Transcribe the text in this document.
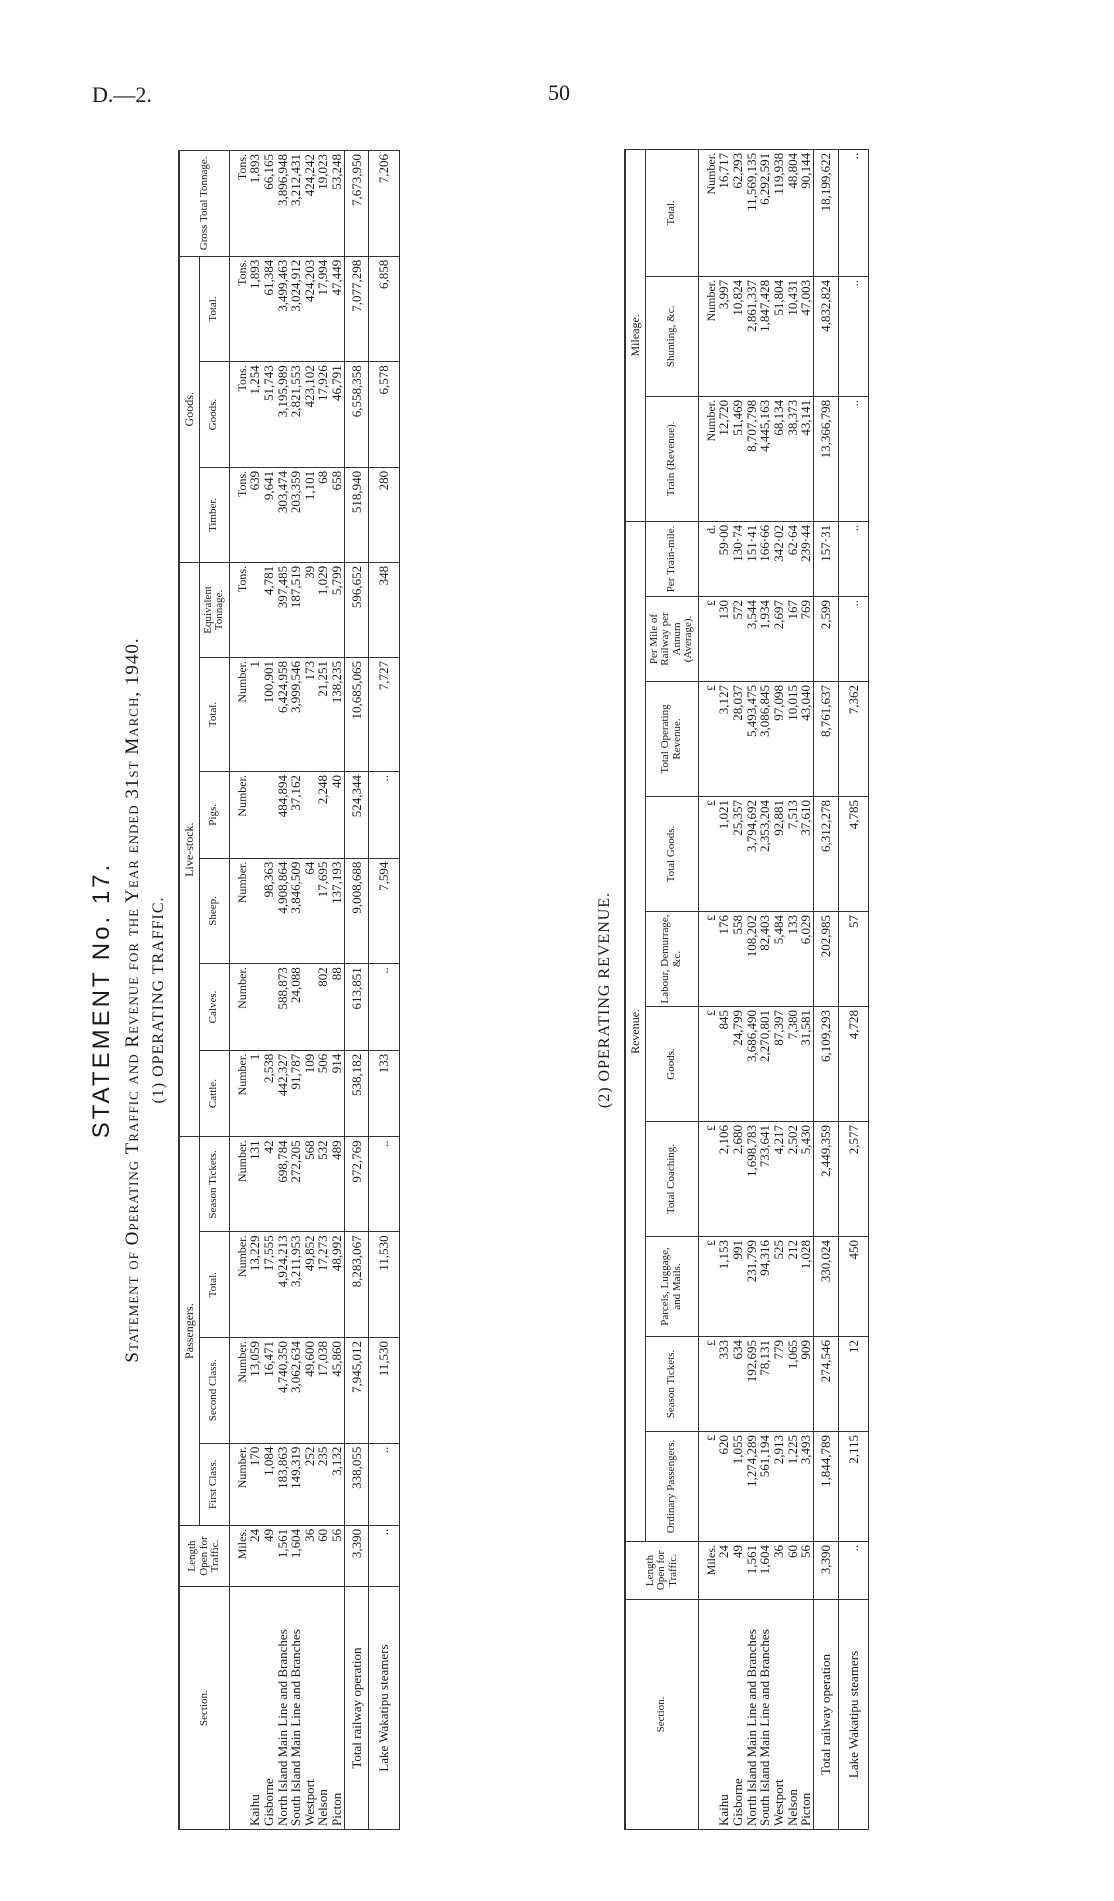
D.—2.	50
STATEMENT No. 17. Statement of Operating Traffic and Revenue for the Year ended 31st March, 1940. (1) OPERATING TRAFFIC.
Section.	Length Open for Traffic.	Passengers.				Live-stock.						Goods.			Gross Total Tonnage.
		First Class.	Second Class.	Total.	Season Tickets.	Cattle.	Calves.	Sheep.	Pigs.	Total.	Equivalent Tonnage.	Timber.	Goods.	Total.	
	Miles.	Number.	Number.	Number.	Number.	Number.	Number.	Number.	Number.	Number.	Tons.	Tons.	Tons.	Tons.	Tons.
Kaihu	24	170	13,059	13,229	131	1				1		639	1,254	1,893	1,893
Gisborne	49	1,084	16,471	17,555	42	2,538		98,363		100,901	4,781	9,641	51,743	61,384	66,165
North Island Main Line and Branches	1,561	183,863	4,740,350	4,924,213	698,784	442,327	588,873	4,908,864	484,894	6,424,958	397,485	303,474	3,195,989	3,499,463	3,896,948
South Island Main Line and Branches	1,604	149,319	3,062,634	3,211,953	272,205	91,787	24,088	3,846,509	37,162	3,999,546	187,519	203,359	2,821,553	3,024,912	3,212,431
Westport	36	252	49,600	49,852	568	109		64		173	39	1,101	423,102	424,203	424,242
Nelson	60	235	17,038	17,273	532	506	802	17,695	2,248	21,251	1,029	68	17,926	17,994	19,023
Picton	56	3,132	45,860	48,992	489	914	88	137,193	40	138,235	5,799	658	46,791	47,449	53,248
Total railway operation	3,390	338,055	7,945,012	8,283,067	972,769	538,182	613,851	9,008,688	524,344	10,685,065	596,652	518,940	6,558,358	7,077,298	7,673,950
Lake Wakatipu steamers	..	..	11,530	11,530	..	133	..	7,594	..	7,727	348	280	6,578	6,858	7,206
(2) OPERATING REVENUE.
Section.	Length Open for Traffic.	Revenue.										Mileage.		
		Ordinary Passengers.	Season Tickets.	Parcels, Luggage, and Mails.	Total Coaching.	Goods.	Labour, Demurrage, &c.	Total Goods.	Total Operating Revenue.	Per Mile of Railway per Annum (Average).	Per Train-mile.	Train (Revenue).	Shunting, &c.	Total.
	Miles.	£	£	£	£	£	£	£	£	£	d.	Number.	Number.	Number.
Kaihu	24	620	333	1,153	2,106	845	176	1,021	3,127	130	59·00	12,720	3,997	16,717
Gisborne	49	1,055	634	991	2,680	24,799	558	25,357	28,037	572	130·74	51,469	10,824	62,293
North Island Main Line and Branches	1,561	1,274,289	192,695	231,799	1,698,783	3,686,490	108,202	3,794,692	5,493,475	3,544	151·41	8,707,798	2,861,337	11,569,135
South Island Main Line and Branches	1,604	561,194	78,131	94,316	733,641	2,270,801	82,403	2,353,204	3,086,845	1,934	166·66	4,445,163	1,847,428	6,292,591
Westport	36	2,913	779	525	4,217	87,397	5,484	92,881	97,098	2,697	342·02	68,134	51,804	119,938
Nelson	60	1,225	1,065	212	2,502	7,380	133	7,513	10,015	167	62·64	38,373	10,431	48,804
Picton	56	3,493	909	1,028	5,430	31,581	6,029	37,610	43,040	769	239·44	43,141	47,003	90,144
Total railway operation	3,390	1,844,789	274,546	330,024	2,449,359	6,109,293	202,985	6,312,278	8,761,637	2,599	157·31	13,366,798	4,832,824	18,199,622
Lake Wakatipu steamers	..	2,115	12	450	2,577	4,728	57	4,785	7,362	..	..	..	..	..
